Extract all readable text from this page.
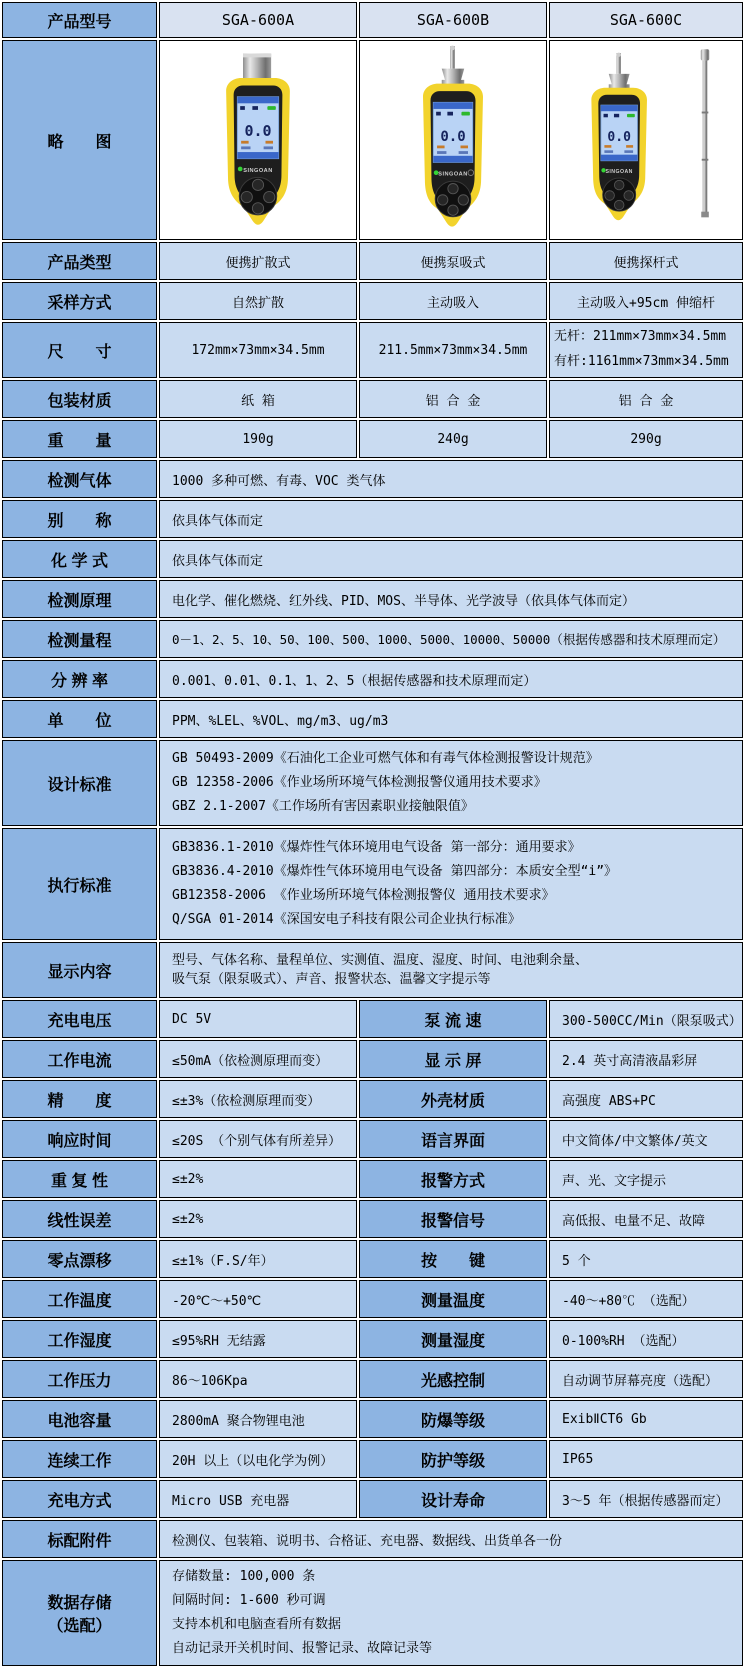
产品型号	SGA-600A	SGA-600B	SGA-600C
略　　图	0.0
SINGOAN	0.0
SINGOAN	0.0
SINGOAN

产品类型	便携扩散式	便携泵吸式	便携探杆式
采样方式	自然扩散	主动吸入	主动吸入+95cm 伸缩杆
尺　　寸	172mm×73mm×34.5mm	211.5mm×73mm×34.5mm	无杆：211mm×73mm×34.5mm
有杆:1161mm×73mm×34.5mm

包装材质	纸 箱	铝 合 金	铝 合 金
重　　量	190g	240g	290g
检测气体	1000 多种可燃、有毒、VOC 类气体		
别　　称	依具体气体而定		
化 学 式	依具体气体而定		
检测原理	电化学、催化燃烧、红外线、PID、MOS、半导体、光学波导（依具体气体而定）		
检测量程	0－1、2、5、10、50、100、500、1000、5000、10000、50000（根据传感器和技术原理而定）		
分 辨 率	0.001、0.01、0.1、1、2、5（根据传感器和技术原理而定）		
单　　位	PPM、%LEL、%VOL、mg/m3、ug/m3		
设计标准	GB 50493-2009《石油化工企业可燃气体和有毒气体检测报警设计规范》
GB 12358-2006《作业场所环境气体检测报警仪通用技术要求》
GBZ 2.1-2007《工作场所有害因素职业接触限值》		

执行标准	GB3836.1-2010《爆炸性气体环境用电气设备 第一部分：通用要求》
GB3836.4-2010《爆炸性气体环境用电气设备 第四部分：本质安全型“i”》
GB12358-2006 《作业场所环境气体检测报警仪 通用技术要求》
Q/SGA 01-2014《深国安电子科技有限公司企业执行标准》		

显示内容	型号、气体名称、量程单位、实测值、温度、湿度、时间、电池剩余量、
吸气泵（限泵吸式）、声音、报警状态、温馨文字提示等		

充电电压	DC 5V	泵 流 速	300-500CC/Min（限泵吸式）
工作电流	≤50mA（依检测原理而变）	显 示 屏	2.4 英寸高清液晶彩屏
精　　度	≤±3%（依检测原理而变）	外壳材质	高强度 ABS+PC
响应时间	≤20S （个别气体有所差异）	语言界面	中文简体/中文繁体/英文
重 复 性	≤±2%	报警方式	声、光、文字提示
线性误差	≤±2%	报警信号	高低报、电量不足、故障
零点漂移	≤±1%（F.S/年）	按　　键	5 个
工作温度	-20℃～+50℃	测量温度	-40～+80℃ （选配）
工作湿度	≤95%RH 无结露	测量湿度	0-100%RH （选配）
工作压力	86～106Kpa	光感控制	自动调节屏幕亮度（选配）
电池容量	2800mA 聚合物锂电池	防爆等级	ExibⅡCT6 Gb
连续工作	20H 以上（以电化学为例）	防护等级	IP65
充电方式	Micro USB 充电器	设计寿命	3～5 年（根据传感器而定）
标配附件	检测仪、包装箱、说明书、合格证、充电器、数据线、出货单各一份		

数据存储
（选配）

存储数量: 100,000 条
间隔时间: 1-600 秒可调
支持本机和电脑查看所有数据
自动记录开关机时间、报警记录、故障记录等
